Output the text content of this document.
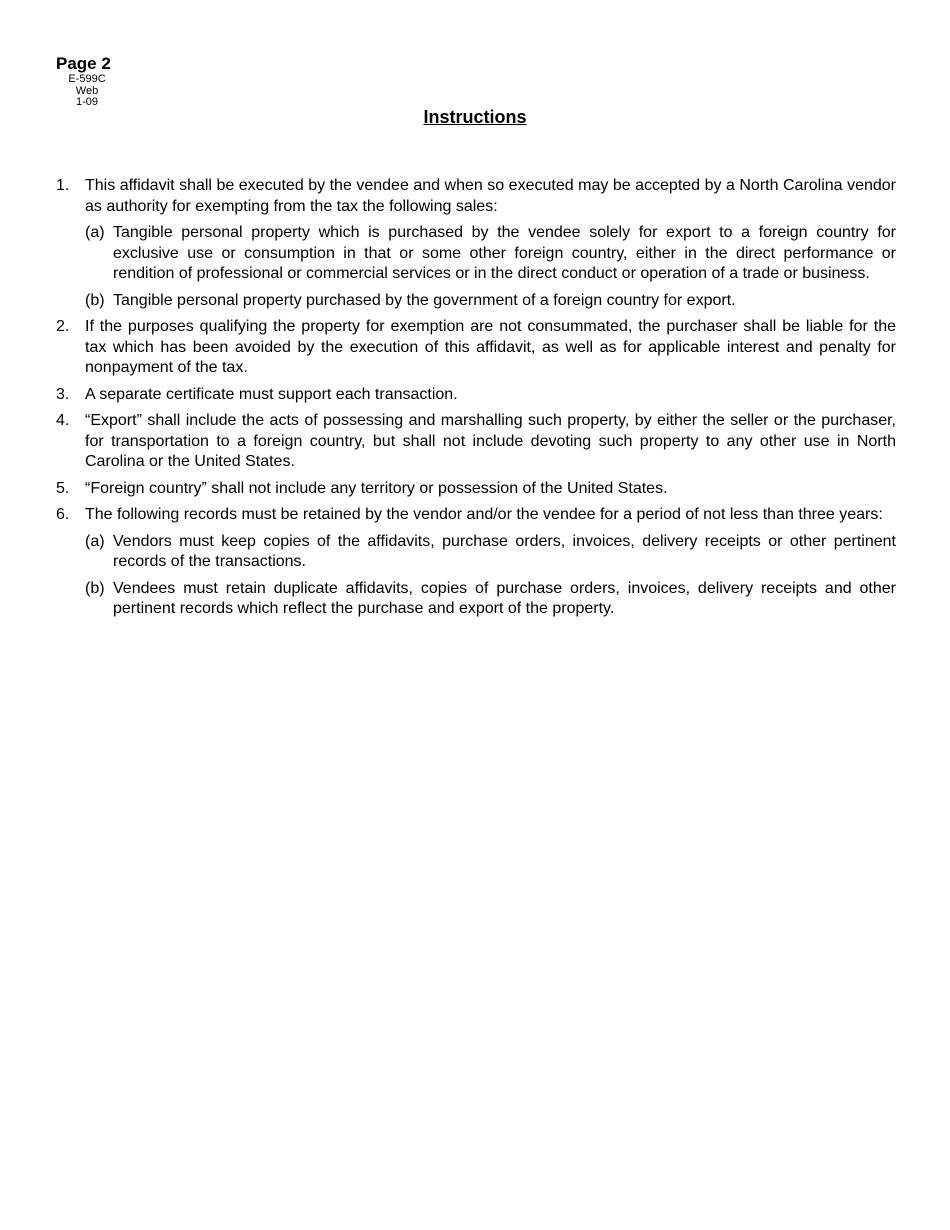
Page 2
E-599C
Web
1-09
Instructions
1. This affidavit shall be executed by the vendee and when so executed may be accepted by a North Carolina vendor as authority for exempting from the tax the following sales:
(a) Tangible personal property which is purchased by the vendee solely for export to a foreign country for exclusive use or consumption in that or some other foreign country, either in the direct performance or rendition of professional or commercial services or in the direct conduct or operation of a trade or business.
(b) Tangible personal property purchased by the government of a foreign country for export.
2. If the purposes qualifying the property for exemption are not consummated, the purchaser shall be liable for the tax which has been avoided by the execution of this affidavit, as well as for applicable interest and penalty for nonpayment of the tax.
3. A separate certificate must support each transaction.
4. “Export” shall include the acts of possessing and marshalling such property, by either the seller or the purchaser, for transportation to a foreign country, but shall not include devoting such property to any other use in North Carolina or the United States.
5. “Foreign country” shall not include any territory or possession of the United States.
6. The following records must be retained by the vendor and/or the vendee for a period of not less than three years:
(a) Vendors must keep copies of the affidavits, purchase orders, invoices, delivery receipts or other pertinent records of the transactions.
(b) Vendees must retain duplicate affidavits, copies of purchase orders, invoices, delivery receipts and other pertinent records which reflect the purchase and export of the property.
